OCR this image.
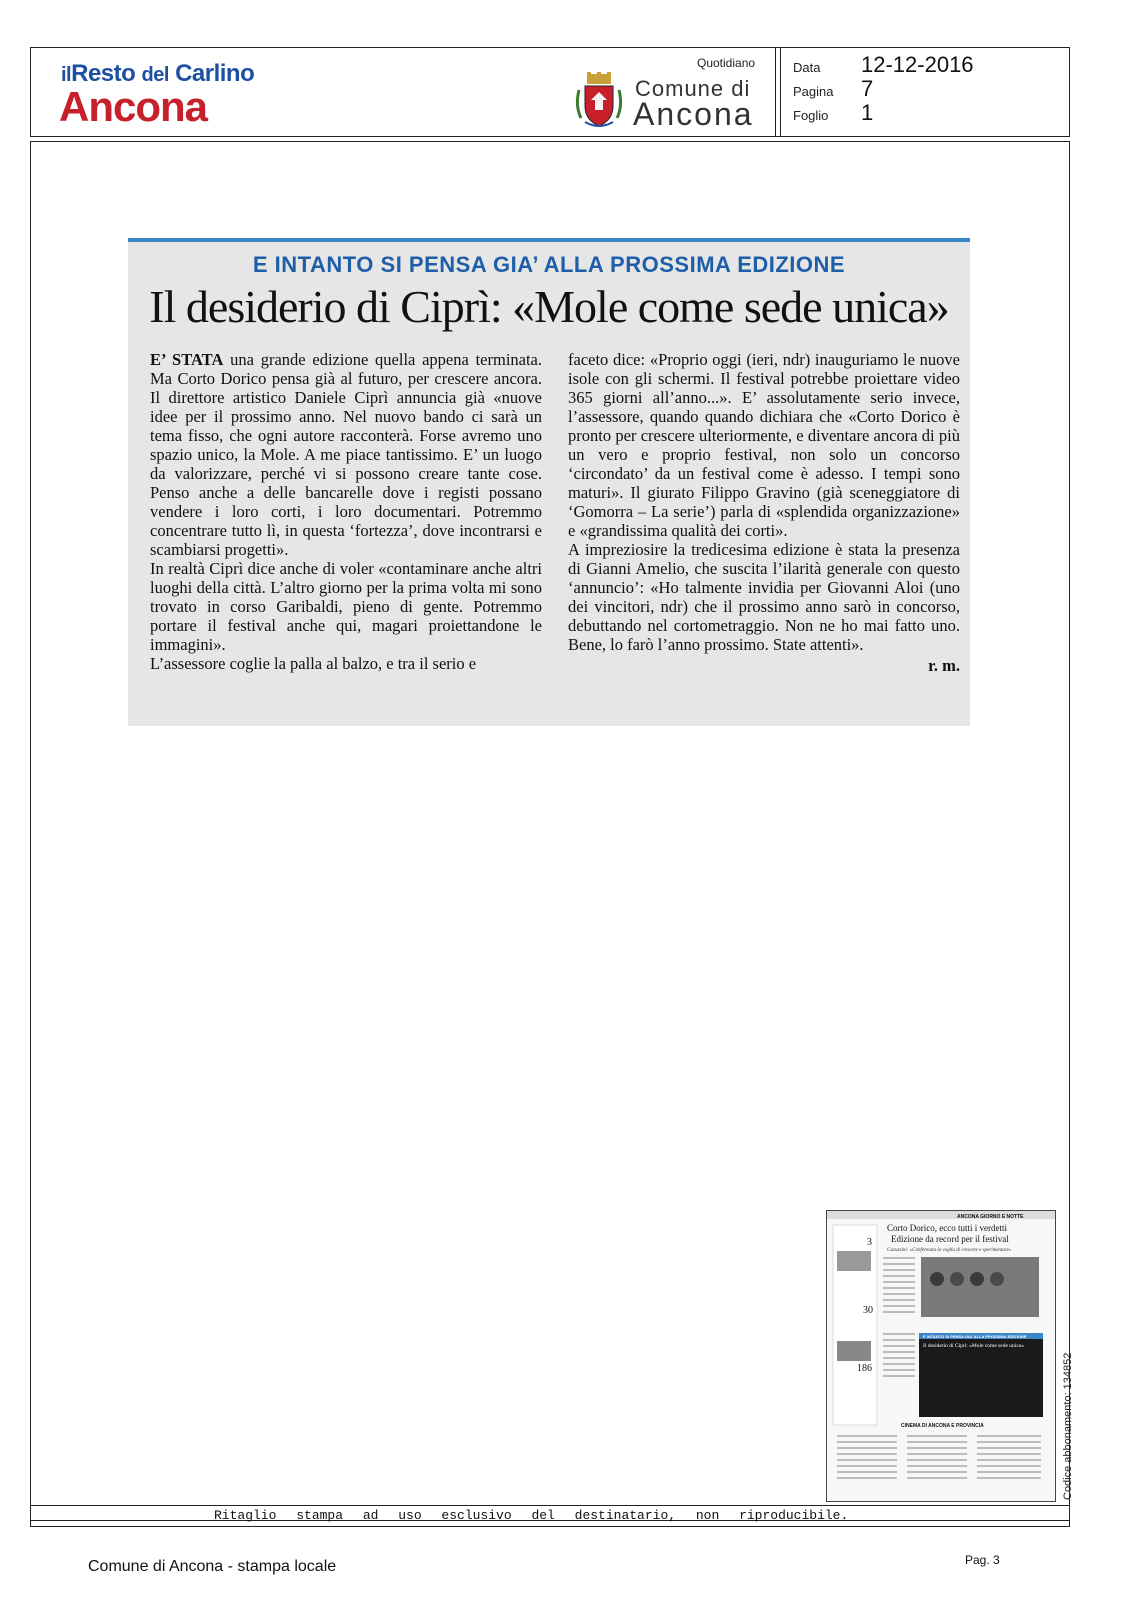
ilResto del Carlino
Ancona
Quotidiano
Comune di
Ancona
Data 12-12-2016
Pagina 7
Foglio 1
E INTANTO SI PENSA GIA’ ALLA PROSSIMA EDIZIONE
Il desiderio di Ciprì: «Mole come sede unica»

E’ STATA una grande edizione quella appena terminata. Ma Corto Dorico pensa già al futuro, per crescere ancora. Il direttore artistico Daniele Ciprì annuncia già «nuove idee per il prossimo anno. Nel nuovo bando ci sarà un tema fisso, che ogni autore racconterà. Forse avremo uno spazio unico, la Mole. A me piace tantissimo. E’ un luogo da valorizzare, perché vi si possono creare tante cose. Penso anche a delle bancarelle dove i registi possano vendere i loro corti, i loro documentari. Potremmo concentrare tutto lì, in questa ‘fortezza’, dove incontrarsi e scambiarsi progetti».

In realtà Ciprì dice anche di voler «contaminare anche altri luoghi della città. L’altro giorno per la prima volta mi sono trovato in corso Garibaldi, pieno di gente. Potremmo portare il festival anche qui, magari proiettandone le immagini».

L’assessore coglie la palla al balzo, e tra il serio e

faceto dice: «Proprio oggi (ieri, ndr) inauguriamo le nuove isole con gli schermi. Il festival potrebbe proiettare video 365 giorni all’anno...». E’ assolutamente serio invece, l’assessore, quando quando dichiara che «Corto Dorico è pronto per crescere ulteriormente, e diventare ancora di più un vero e proprio festival, non solo un concorso ‘circondato’ da un festival come è adesso. I tempi sono maturi». Il giurato Filippo Gravino (già sceneggiatore di ‘Gomorra – La serie’) parla di «splendida organizzazione» e «grandissima qualità dei corti».

A impreziosire la tredicesima edizione è stata la presenza di Gianni Amelio, che suscita l’ilarità generale con questo ‘annuncio’: «Ho talmente invidia per Giovanni Aloi (uno dei vincitori, ndr) che il prossimo anno sarò in concorso, debuttando nel cortometraggio. Non ne ho mai fatto uno. Bene, lo farò l’anno prossimo. State attenti».

r. m.
ANCONA GIORNO E NOTTE
Corto Dorico, ecco tutti i verdetti
Edizione da record per il festival
Cucuzzini: «Confermata la voglia di crescere e sperimentare»
3
30
186
E INTANTO SI PENSA GIA’ ALLA PROSSIMA EDIZIONE
Il desiderio di Ciprì: «Mole come sede unica»
CINEMA DI ANCONA E PROVINCIA	Codice abbonamento: 134852
Ritaglio stampa ad uso esclusivo del destinatario, non riproducibile.
Comune di Ancona - stampa locale	Pag. 3
